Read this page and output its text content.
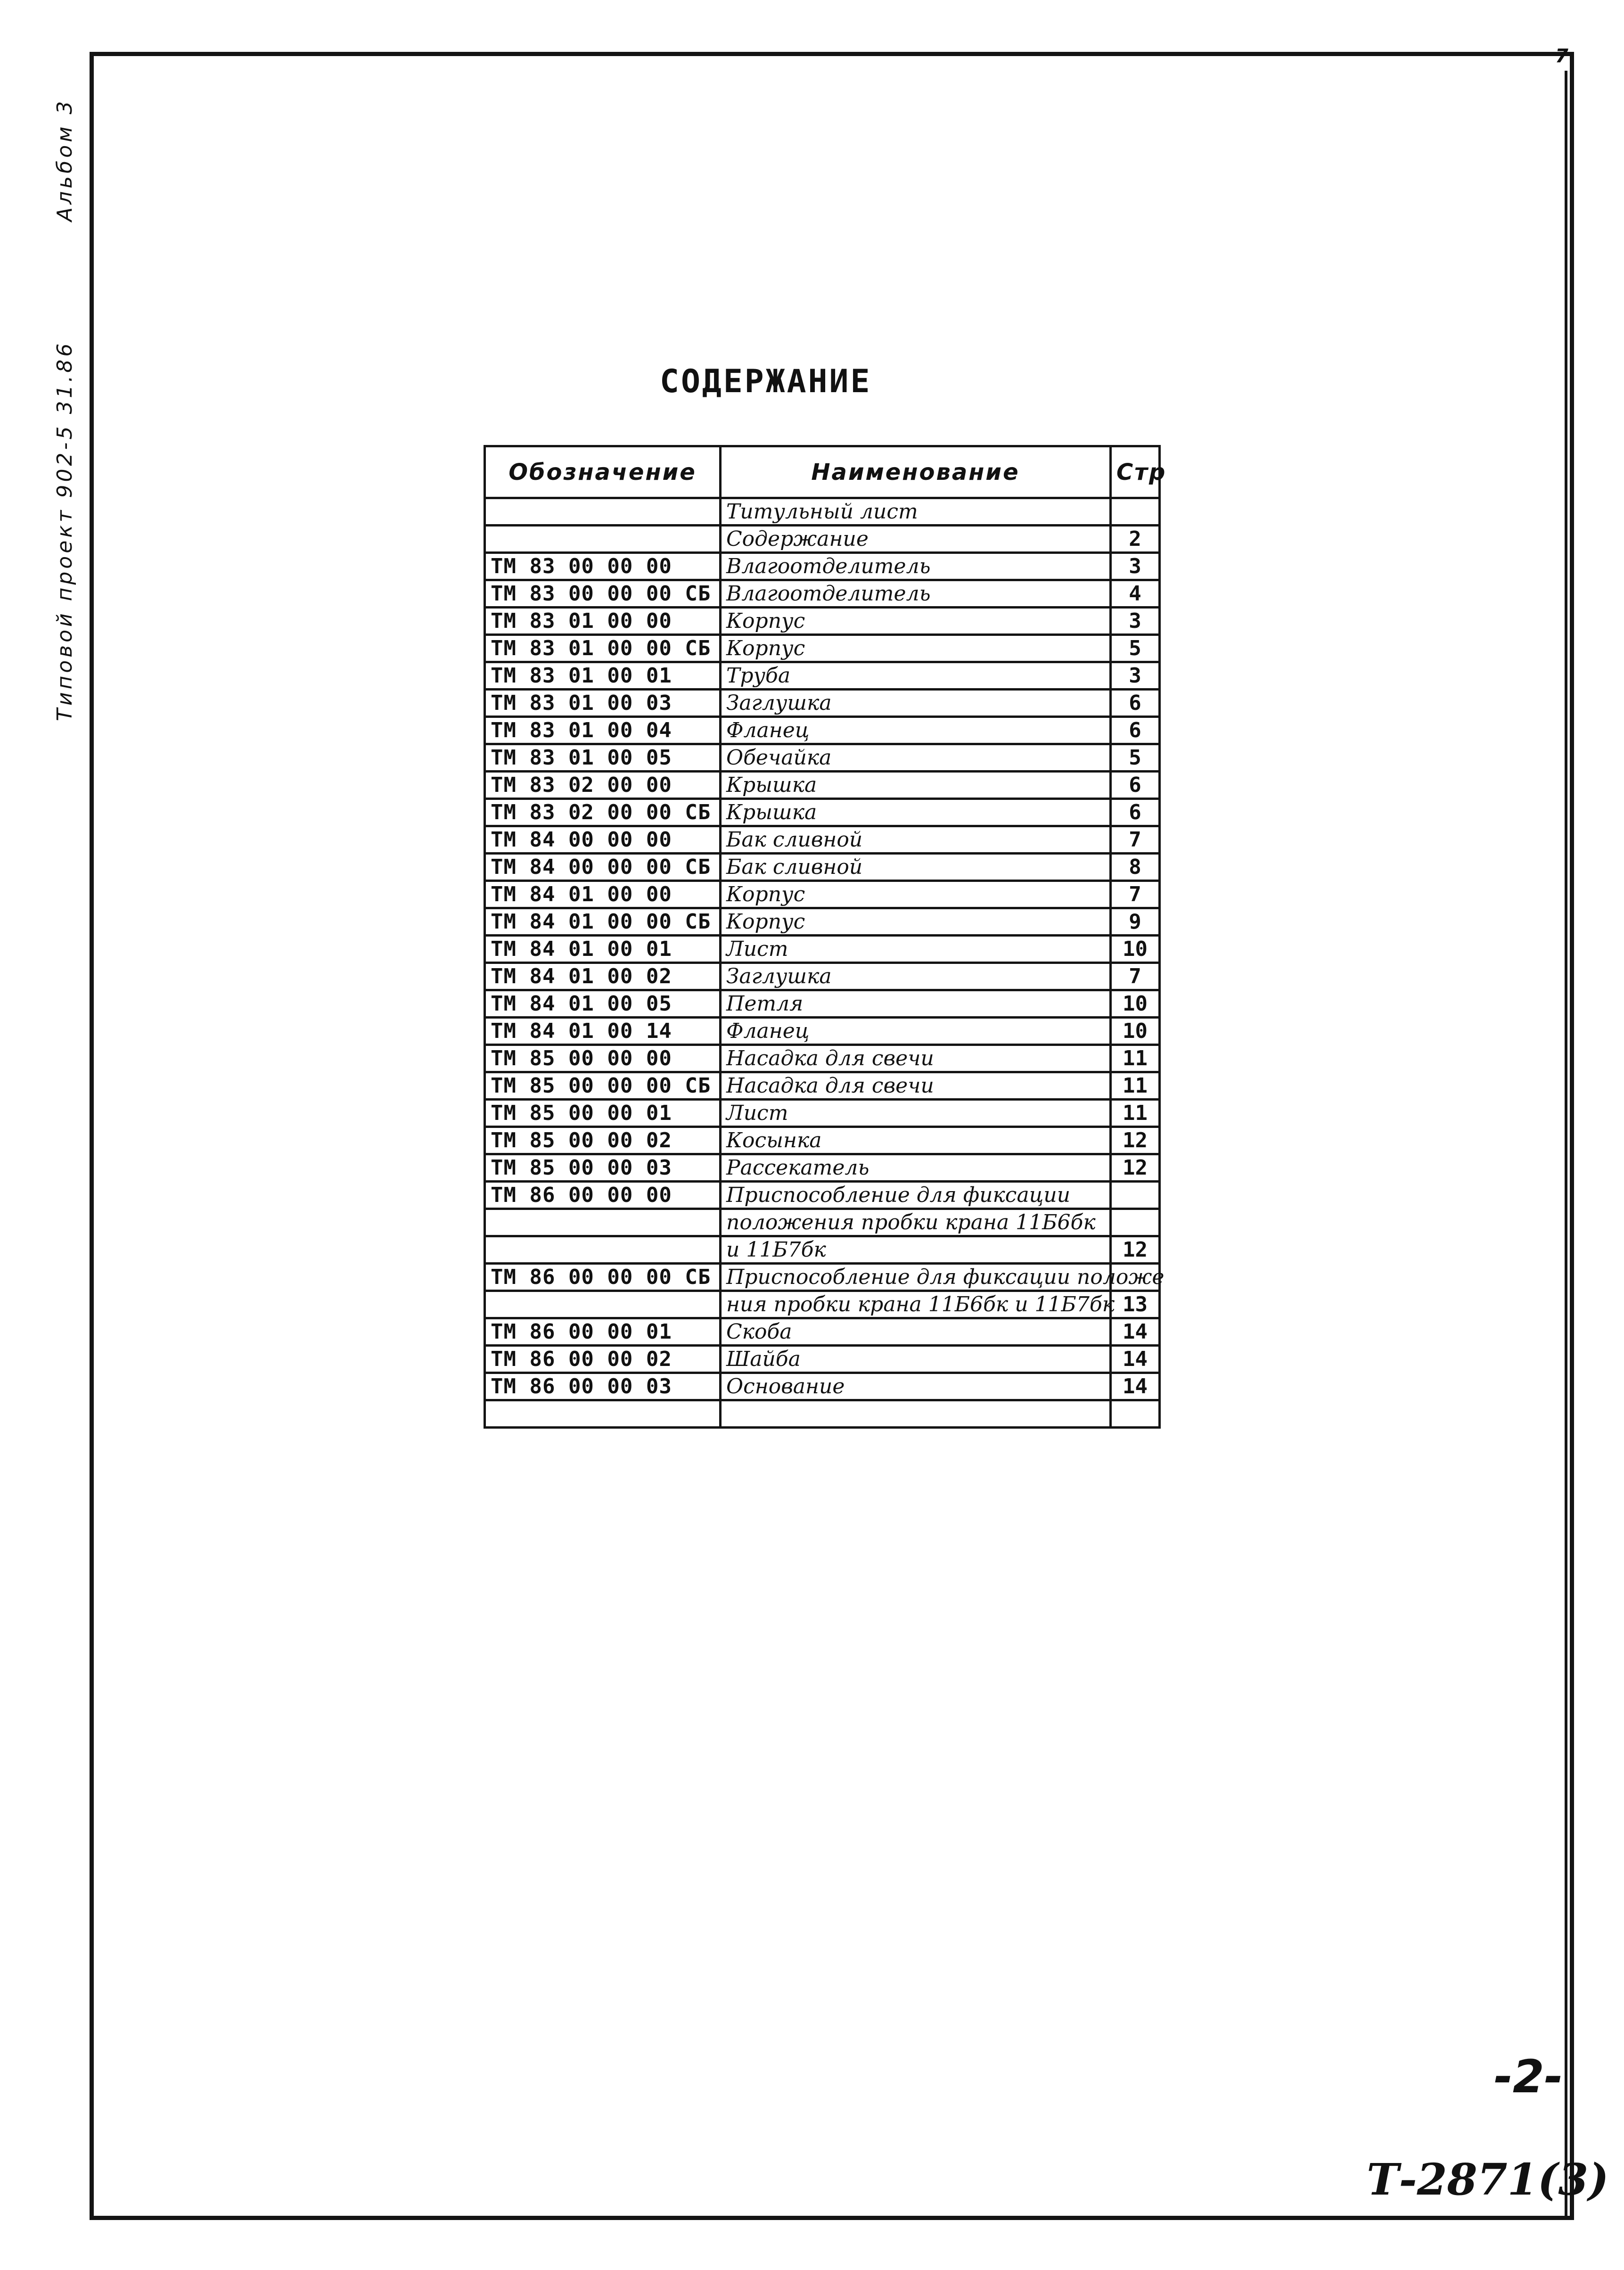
7
Альбом 3
Типовой проект 902-5 31.86	СОДЕРЖАНИЕ
Обозначение	Наименование	Стр
	Титульный лист	
	Содержание	2
ТМ 83 00 00 00	Влагоотделитель	3
ТМ 83 00 00 00 СБ	Влагоотделитель	4
ТМ 83 01 00 00	Корпус	3
ТМ 83 01 00 00 СБ	Корпус	5
ТМ 83 01 00 01	Труба	3
ТМ 83 01 00 03	Заглушка	6
ТМ 83 01 00 04	Фланец	6
ТМ 83 01 00 05	Обечайка	5
ТМ 83 02 00 00	Крышка	6
ТМ 83 02 00 00 СБ	Крышка	6
ТМ 84 00 00 00	Бак сливной	7
ТМ 84 00 00 00 СБ	Бак сливной	8
ТМ 84 01 00 00	Корпус	7
ТМ 84 01 00 00 СБ	Корпус	9
ТМ 84 01 00 01	Лист	10
ТМ 84 01 00 02	Заглушка	7
ТМ 84 01 00 05	Петля	10
ТМ 84 01 00 14	Фланец	10
ТМ 85 00 00 00	Насадка для свечи	11
ТМ 85 00 00 00 СБ	Насадка для свечи	11
ТМ 85 00 00 01	Лист	11
ТМ 85 00 00 02	Косынка	12
ТМ 85 00 00 03	Рассекатель	12
ТМ 86 00 00 00	Приспособление для фиксации	
	положения пробки крана 11Б6бк	
	и 11Б7бк	12
ТМ 86 00 00 00 СБ	Приспособление для фиксации положе	
	ния пробки крана 11Б6бк и 11Б7бк	13
ТМ 86 00 00 01	Скоба	14
ТМ 86 00 00 02	Шайба	14
ТМ 86 00 00 03	Основание	14

-2-
Т-2871(3)
